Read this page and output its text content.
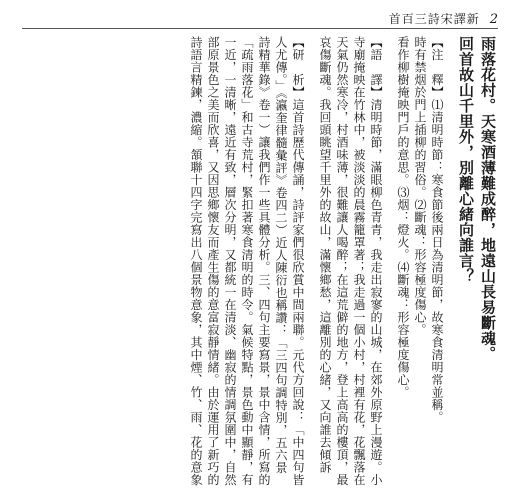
首百三詩宋譯新 2
雨落花村。天寒酒薄難成醉，地遠山長易斷魂。
回首故山千里外，別離心緒向誰言？
【注　釋】⑴清明時節：寒食節後兩日為清明節，故寒食清明常並稱。
時有禁烟於門上插柳的習俗。⑵斷魂：形容極度傷心。
看作柳樹掩映門戶的意思。⑶烟：燈火。⑷斷魂：形容極度傷心。
【語　譯】清明時節，滿眼柳色青青，我走出寂寥的山城，在郊外原野上漫遊。小
寺廟掩映在竹林中，被淡淡的晨霧籠罩著；我走過一個小村，村裡有花，花飄落在
天氣仍然寒冷，村酒味薄，很難讓人喝醉；在這荒僻的地方，登上高高的樓頂，最
哀傷斷魂。我回頭眺望千里外的故山，滿懷鄉愁，這離別的心緒，又向誰去傾訴
【研　析】這首詩歷代傳誦，詩評家們很欣賞中間兩聯。元代方回說：「中四句皆
人尤傳。」《瀛奎律髓彙評》卷四二）近人陳衍也稱讚：「三四句調特別，五六景
詩精華錄》卷一）讓我們作一些具體分析。三、四句主要寫景，景中含情，所寫的
「疏雨落花」和古寺荒村，緊扣著寒食清明的時令。氣候特點，景色動中顯靜，有
一近，一清晰，遠近有致，層次分明，又都統一在清淡、幽寂的情調氛圍中，自然
部原景色之美而欣喜，又因思鄉懷友而產生傷的意富寂靜情緒。由於運用了新巧的
詩語言精鍊，濃縮。頷聯十四字完寫出八個景物意象，其中煙、竹、雨、花的意象
